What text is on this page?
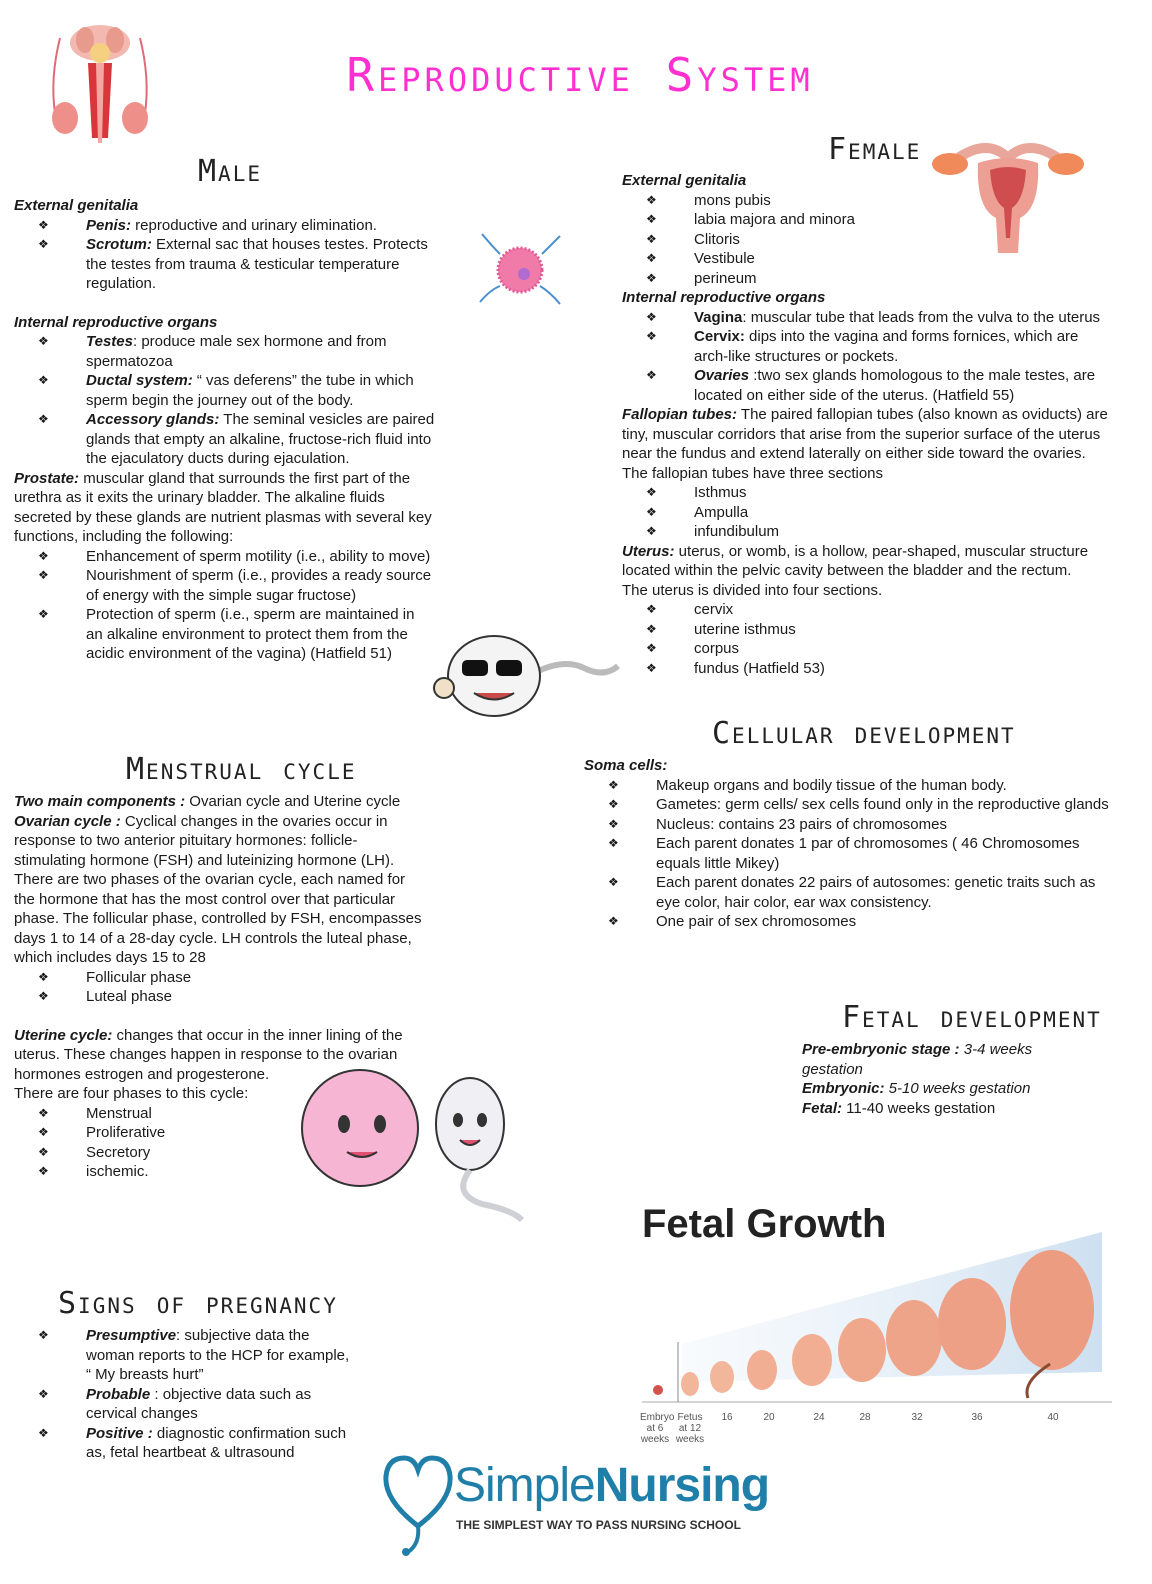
Reproductive System
Male

External genitalia

❖ Penis: reproductive and urinary elimination.
❖ Scrotum: External sac that houses testes. Protects the testes from trauma & testicular temperature regulation.

Internal reproductive organs

❖ Testes: produce male sex hormone and from spermatozoa
❖ Ductal system: “ vas deferens” the tube in which sperm begin the journey out of the body.
❖ Accessory glands: The seminal vesicles are paired glands that empty an alkaline, fructose-rich fluid into the ejaculatory ducts during ejaculation.

Prostate: muscular gland that surrounds the first part of the urethra as it exits the urinary bladder. The alkaline fluids secreted by these glands are nutrient plasmas with several key functions, including the following:

❖ Enhancement of sperm motility (i.e., ability to move)
❖ Nourishment of sperm (i.e., provides a ready source of energy with the simple sugar fructose)
❖ Protection of sperm (i.e., sperm are maintained in an alkaline environment to protect them from the acidic environment of the vagina) (Hatfield 51)
Female

External genitalia

❖ mons pubis
❖ labia majora and minora
❖ Clitoris
❖ Vestibule
❖ perineum

Internal reproductive organs

❖ Vagina: muscular tube that leads from the vulva to the uterus
❖ Cervix: dips into the vagina and forms fornices, which are arch-like structures or pockets.
❖ Ovaries :two sex glands homologous to the male testes, are located on either side of the uterus. (Hatfield 55)

Fallopian tubes: The paired fallopian tubes (also known as oviducts) are tiny, muscular corridors that arise from the superior surface of the uterus near the fundus and extend laterally on either side toward the ovaries. The fallopian tubes have three sections

❖ Isthmus
❖ Ampulla
❖ infundibulum

Uterus: uterus, or womb, is a hollow, pear-shaped, muscular structure located within the pelvic cavity between the bladder and the rectum.

The uterus is divided into four sections.

❖ cervix
❖ uterine isthmus
❖ corpus
❖ fundus (Hatfield 53)
Cellular development

Soma cells:

❖ Makeup organs and bodily tissue of the human body.
❖ Gametes: germ cells/ sex cells found only in the reproductive glands
❖ Nucleus: contains 23 pairs of chromosomes
❖ Each parent donates 1 par of chromosomes ( 46 Chromosomes equals little Mikey)
❖ Each parent donates 22 pairs of autosomes: genetic traits such as eye color, hair color, ear wax consistency.
❖ One pair of sex chromosomes
Menstrual cycle

Two main components : Ovarian cycle and Uterine cycle

Ovarian cycle : Cyclical changes in the ovaries occur in response to two anterior pituitary hormones: follicle-stimulating hormone (FSH) and luteinizing hormone (LH). There are two phases of the ovarian cycle, each named for the hormone that has the most control over that particular phase. The follicular phase, controlled by FSH, encompasses days 1 to 14 of a 28-day cycle. LH controls the luteal phase, which includes days 15 to 28

❖ Follicular phase
❖ Luteal phase

Uterine cycle: changes that occur in the inner lining of the uterus. These changes happen in response to the ovarian hormones estrogen and progesterone.

There are four phases to this cycle:

❖ Menstrual
❖ Proliferative
❖ Secretory
❖ ischemic.
Fetal development

Pre-embryonic stage : 3-4 weeks gestation

Embryonic: 5-10 weeks gestation

Fetal: 11-40 weeks gestation

Fetal Growth
Embryo at 6 weeks
Fetus at 12 weeks
16	20	24	28	32	36	40
Signs of pregnancy
❖ Presumptive: subjective data the woman reports to the HCP for example, “ My breasts hurt”
❖ Probable : objective data such as cervical changes
❖ Positive : diagnostic confirmation such as, fetal heartbeat & ultrasound
SimpleNursing
THE SIMPLEST WAY TO PASS NURSING SCHOOL
